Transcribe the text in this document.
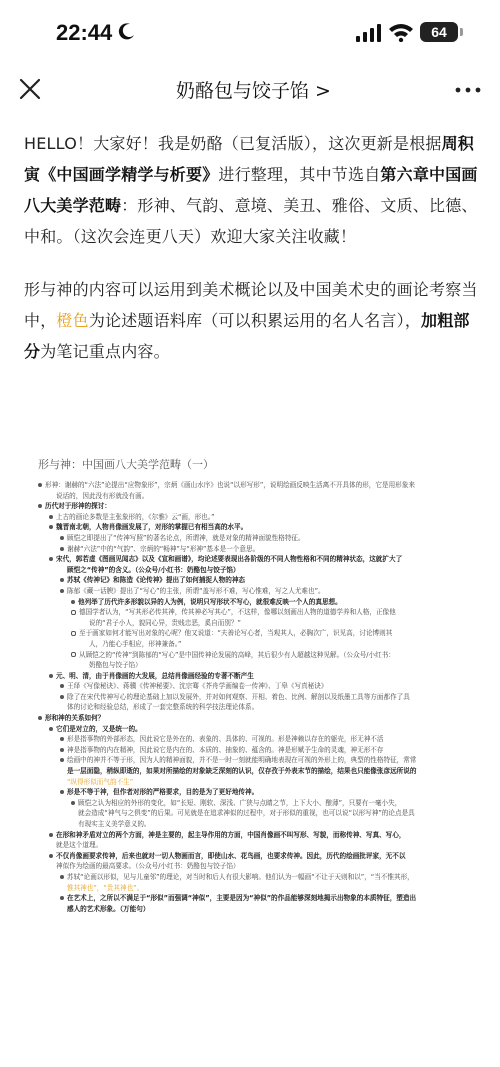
22:44	64
奶酪包与饺子馅 >

HELLO！大家好！我是奶酪（已复活版），这次更新是根据周积寅《中国画学精学与析要》进行整理，其中节选自第六章中国画八大美学范畴：形神、气韵、意境、美丑、雅俗、文质、比德、中和。（这次会连更八天）欢迎大家关注收藏！

形与神的内容可以运用到美术概论以及中国美术史的画论考察当中，橙色为论述题语料库（可以积累运用的名人名言），加粗部分为笔记重点内容。

形与神：中国画八大美学范畴（一）
形神：谢赫的“六法”论提出“应物象形”，宗炳《画山水序》也说“以形写形”，说明绘画反映生活离不开具体的形，它是用形象来
说话的，因此没有形就没有画。
历代对于形神的探讨：
上古的画论多数是主张象形的，《尔雅》云“画，形也。”
魏晋南北朝，人物肖像画发展了，对形的掌握已有相当高的水平。
顾恺之即提出了“传神写照”的著名论点，所谓神，就是对象的精神面貌性格特征。
谢赫“六法”中的“气韵”、宗炳的“畅神”与“形神”基本是一个意思。
宋代，郭若虚《图画见闻志》以及《宣和画谱》，均论述要表现出各阶级的不同人物性格和不同的精神状态，这就扩大了
顾恺之“传神”的含义。（公众号/小红书：奶酪包与饺子馅）
苏轼《传神记》和陈造《论传神》提出了如何捕捉人物的神态
陈郁《藏一话腴》提出了“写心”的主张，所谓“盖写形不难，写心惟难，写之人尤难也”。
他列举了历代许多形貌以异的人为例，说明只写形状不写心，就很难反映一个人的真思想。
德国学者认为，“写其形必传其神，传其神必写其心”，不这样，像哪以刻画出人物的道德学养和人格，正像他
说的“君子小人，貌同心异，贵贱忠恶，奚自而别？”
至于画家如何才能写出对象的心呢？他又说道：“夫善论写心者，当观其人，必胸次广，识见高，讨论博则其
人，乃能心手相应，形神兼备。”
从顾恺之的“传神”到陈郁的“写心”是中国传神论发展的高峰，其后很少有人超越这种见解。（公众号/小红书：
奶酪包与饺子馅）
元、明、清，由于肖像画的大发展，总结肖像画经验的专著不断产生
王绎《写像秘诀》、蒋骥《传神秘要》、沈宗骞《芥舟学画编卷一传神》、丁皋《写真秘诀》
除了在宋代传神写心的理论基础上加以发展外，并对如何观察、开相、着色、比例、解剖以及纸墨工具等方面都作了具
体的讨论和经验总结，形成了一套完整系统的科学技法理论体系。
形和神的关系如何？
它们是对立的，又是统一的。
形是指事物的外部形态，因此说它是外在的、表象的、具体的、可视的。形是神赖以存在的躯壳，形无神不活
神是指事物的内在精神，因此说它是内在的、本质的、抽象的、蕴含的。神是形赋予生命的灵魂，神无形不存
绘画中的神并不等于形，因为人的精神面貌，并不是一时一刻就能明确地表现在可视的外形上的，典型的性格特征，常常
是一层面隐，稍纵即逝的，如果对所描绘的对象缺乏深刻的认识，仅存孜于外表末节的描绘，结果也只能像张彦远所说的
“纵得形似而气韵不生”
形是不等于神，但作者对形的严格要求，目的是为了更好地传神。
顾恺之认为相应的外形的变化，如“长短、刚软、深浅、广狭与点睛之节，上下大小、酿薄”，只要有一毫小失，
就会造成“神气与之俱变”的后果。可见就是在追求神似的过程中，对于形似的重视，也可以说“以形写神”的论点是具
有现实主义美学意义的。
在形和神矛盾对立的两个方面，神是主要的，起主导作用的方面，中国肖像画不叫写形、写貌，而称传神、写真、写心，
就是这个道理。
不仅肖像画要求传神，后来也就对一切人物画而言，即使山水、花鸟画，也要求传神。因此，历代的绘画批评家，无不以
神似作为绘画的最高要求。（公众号/小红书：奶酪包与饺子馅）
苏轼“论画以形似，见与儿童邻”的理论，对当时和后人有很大影响。他们认为一幅画“不让于天则和以”，“当不惟其形，
惟其神也”，“贵其神也”。
在艺术上，之所以不满足于“形似”而强调“神似”，主要是因为“神似”的作品能够深刻地揭示出物象的本质特征，塑造出
感人的艺术形象。（万能句）
